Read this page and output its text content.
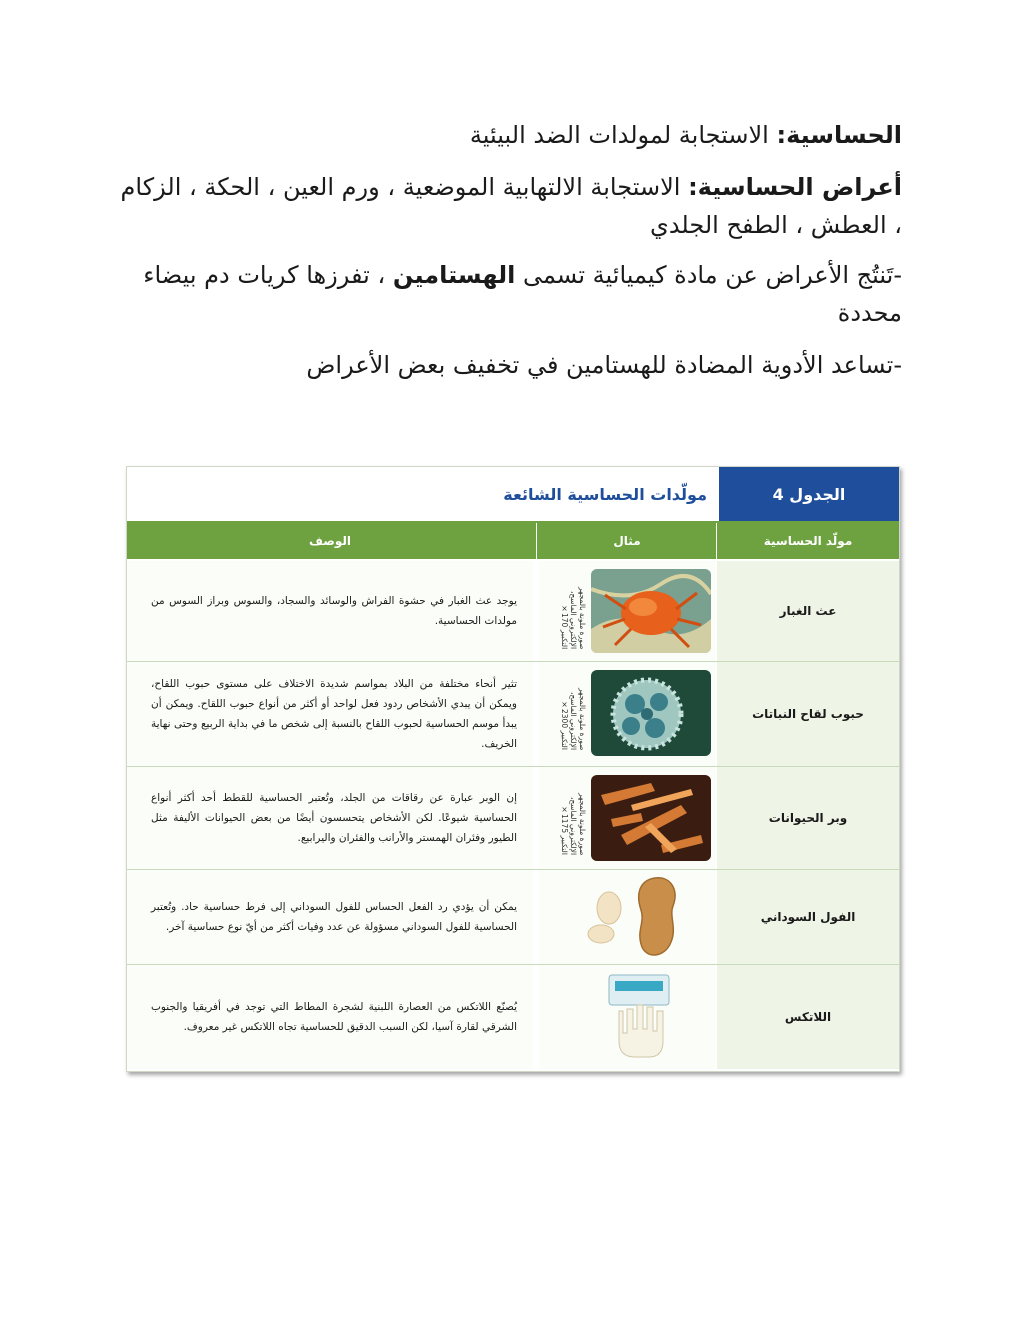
الحساسية: الاستجابة لمولدات الضد البيئية

أعراض الحساسية: الاستجابة الالتهابية الموضعية ، ورم العين ، الحكة ، الزكام ، العطش ، الطفح الجلدي

-تَنتُج الأعراض عن مادة كيميائية تسمى الهستامين ، تفرزها كريات دم بيضاء محددة

-تساعد الأدوية المضادة للهستامين في تخفيف بعض الأعراض

الجدول 4
مولّدات الحساسية الشائعة
مولّد الحساسية
مثال
الوصف
عث الغبار
صورة ملونة بالمجهر الإلكتروني الماسح، التكبير 170×

يوجد عث الغبار في حشوة الفراش والوسائد والسجاد، والسوس وبراز السوس من مولدات الحساسية.

حبوب لقاح النباتات
صورة ملونة بالمجهر الإلكتروني الماسح، التكبير 2300×

تثير أنحاء مختلفة من البلاد بمواسم شديدة الاختلاف على مستوى حبوب اللقاح، ويمكن أن يبدي الأشخاص ردود فعل لواحد أو أكثر من أنواع حبوب اللقاح. ويمكن أن يبدأ موسم الحساسية لحبوب اللقاح بالنسبة إلى شخص ما في بداية الربيع وحتى نهاية الخريف.

وبر الحيوانات
صورة ملونة بالمجهر الإلكتروني الماسح، التكبير 1175×

إن الوبر عبارة عن رقاقات من الجلد، وتُعتبر الحساسية للقطط أحد أكثر أنواع الحساسية شيوعًا. لكن الأشخاص يتحسسون أيضًا من بعض الحيوانات الأليفة مثل الطيور وفئران الهمستر والأرانب والفئران واليرابيع.

الفول السوداني

يمكن أن يؤدي رد الفعل الحساس للفول السوداني إلى فرط حساسية حاد. وتُعتبر الحساسية للفول السوداني مسؤولة عن عدد وفيات أكثر من أيّ نوع حساسية آخر.

اللاتكس

يُصنّع اللاتكس من العصارة اللبنية لشجرة المطاط التي توجد في أفريقيا والجنوب الشرقي لقارة آسيا، لكن السبب الدقيق للحساسية تجاه اللاتكس غير معروف.
